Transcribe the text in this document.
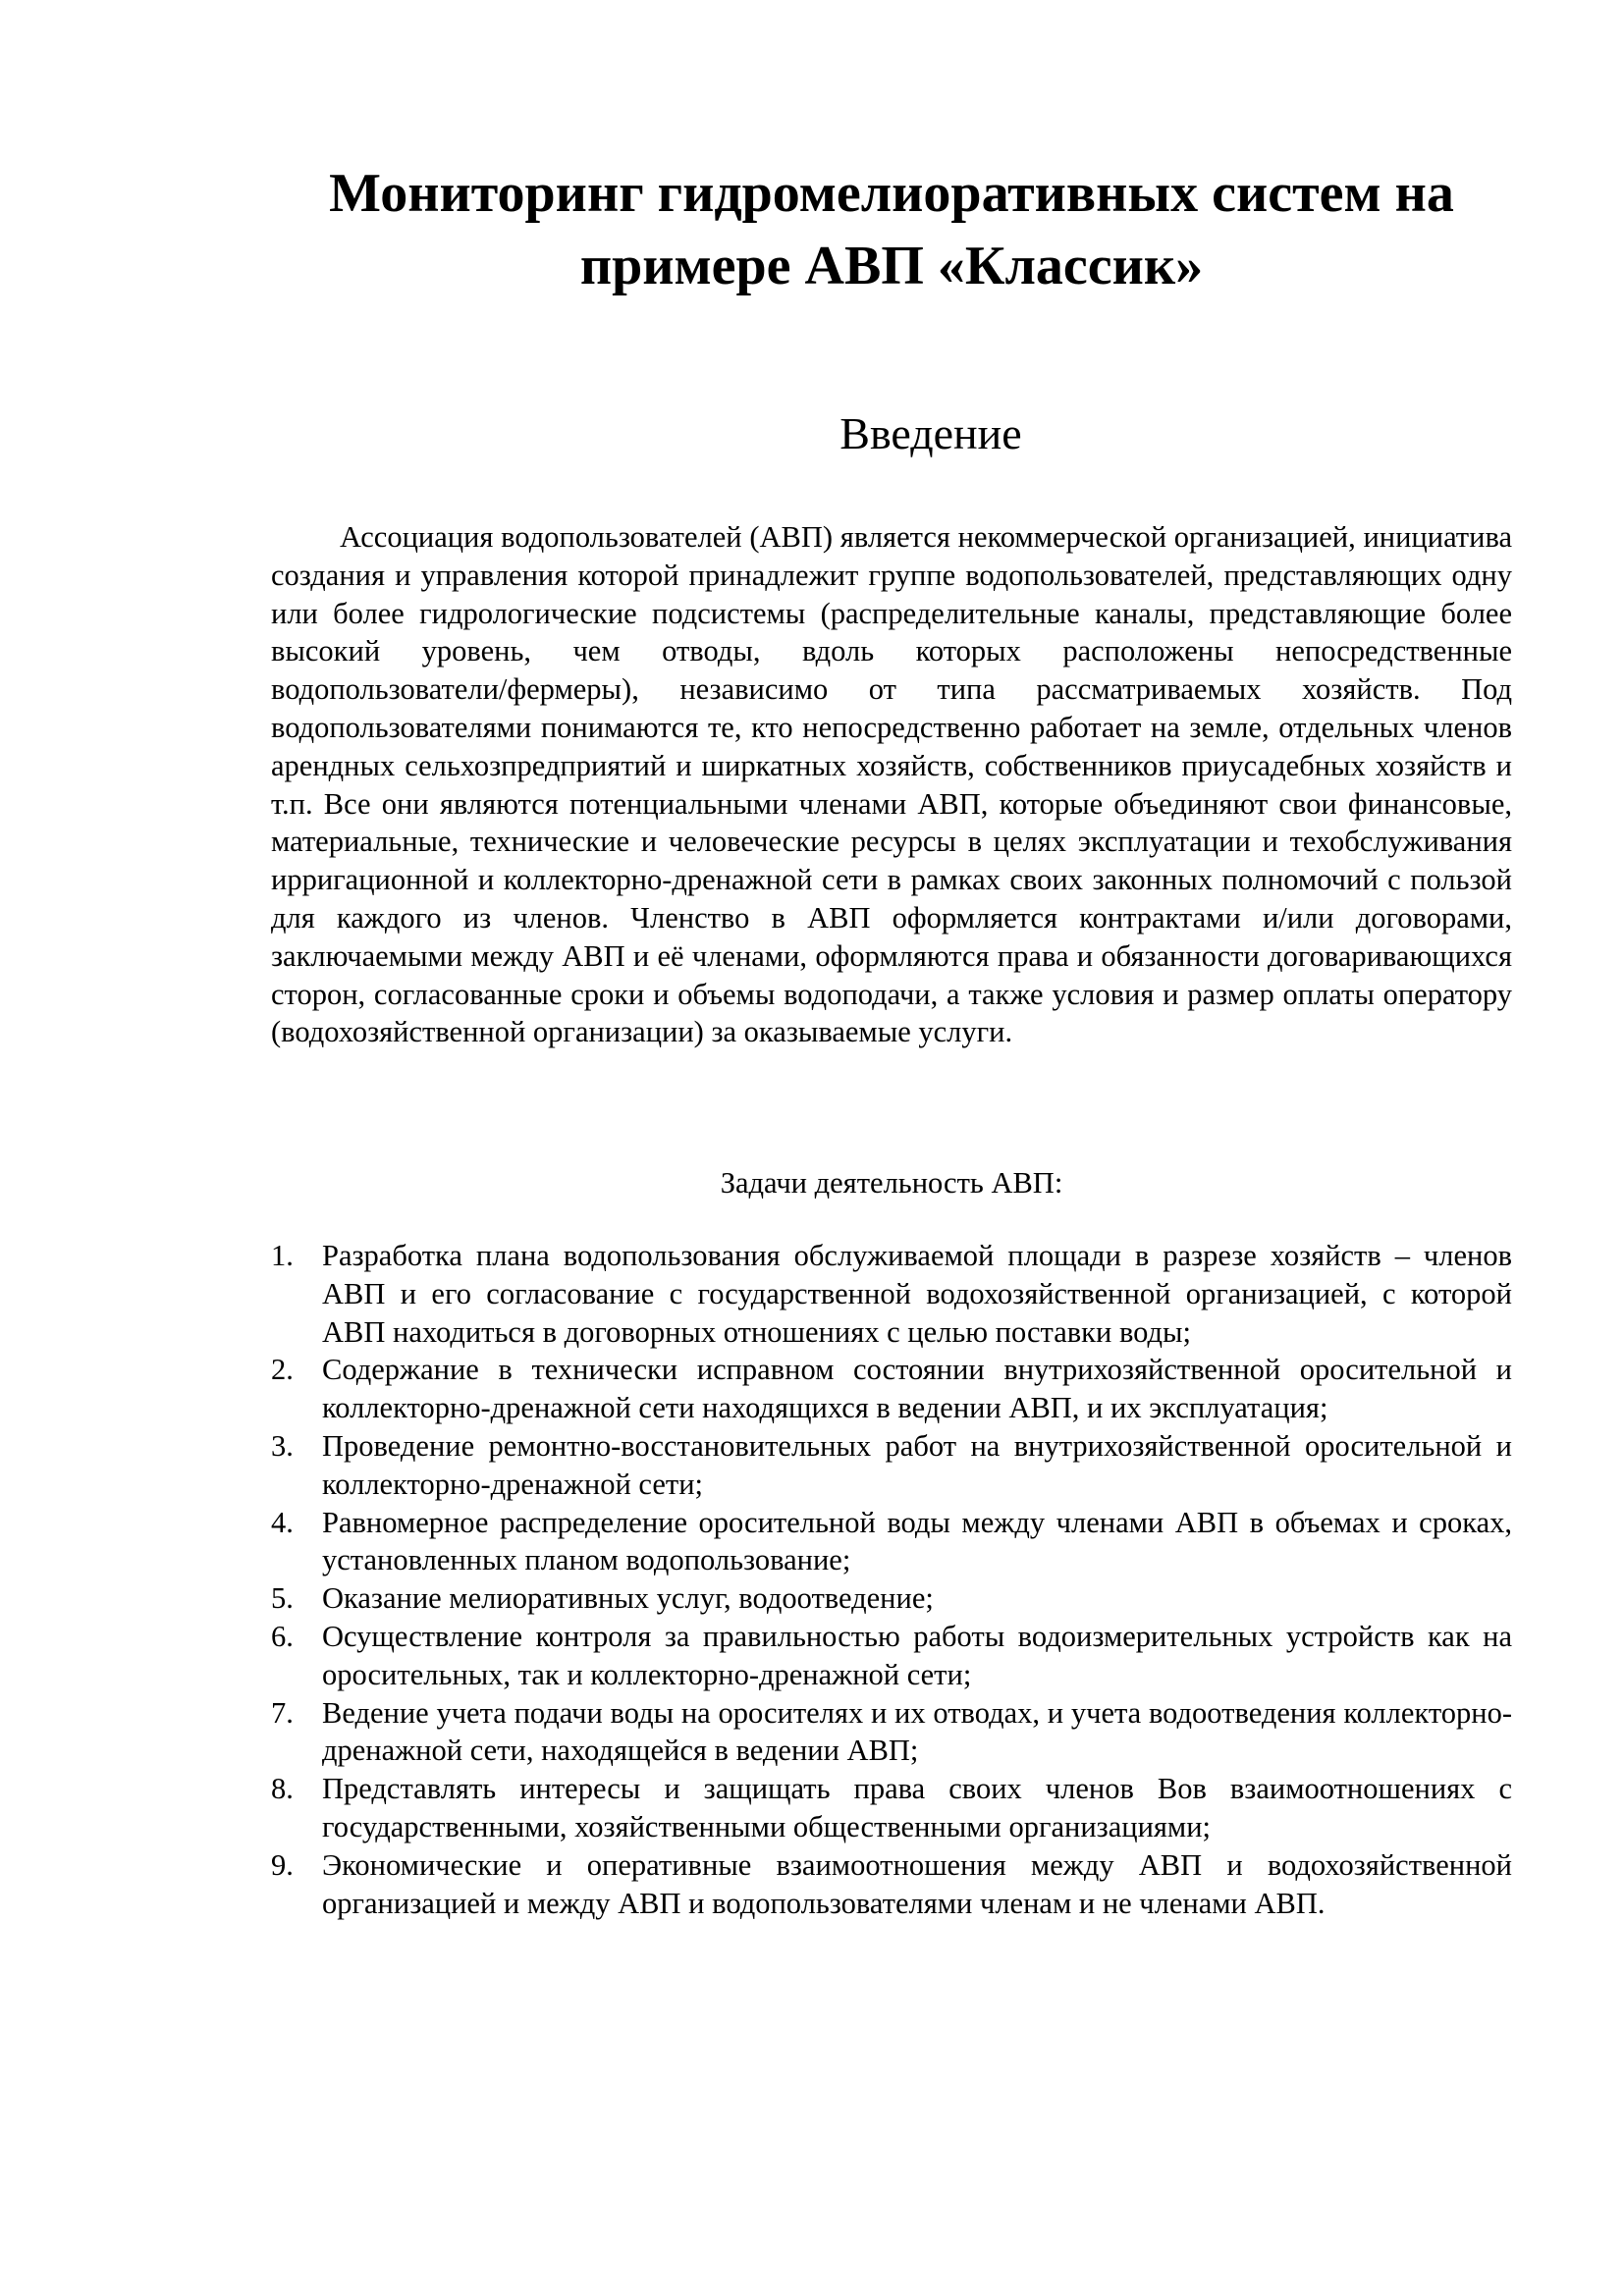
Мониторинг гидромелиоративных систем на примере АВП «Классик»
Введение

Ассоциация водопользователей (АВП) является некоммерческой организацией, инициатива создания и управления которой принадлежит группе водопользователей, представляющих одну или более гидрологические подсистемы (распределительные каналы, представляющие более высокий уровень, чем отводы, вдоль которых расположены непосредственные водопользователи/фермеры), независимо от типа рассматриваемых хозяйств. Под водопользователями понимаются те, кто непосредственно работает на земле, отдельных членов арендных сельхозпредприятий и ширкатных хозяйств, собственников приусадебных хозяйств и т.п. Все они являются потенциальными членами АВП, которые объединяют свои финансовые, материальные, технические и человеческие ресурсы в целях эксплуатации и техобслуживания ирригационной и коллекторно-дренажной сети в рамках своих законных полномочий с пользой для каждого из членов. Членство в АВП оформляется контрактами и/или договорами, заключаемыми между АВП и её членами, оформляются права и обязанности договаривающихся сторон, согласованные сроки и объемы водоподачи, а также условия и размер оплаты оператору (водохозяйственной организации) за оказываемые услуги.

Задачи деятельность АВП:

1. Разработка плана водопользования обслуживаемой площади в разрезе хозяйств – членов АВП и его согласование с государственной водохозяйственной организацией, с которой АВП находиться в договорных отношениях с целью поставки воды;
2. Содержание в технически исправном состоянии внутрихозяйственной оросительной и коллекторно-дренажной сети находящихся в ведении АВП, и их эксплуатация;
3. Проведение ремонтно-восстановительных работ на внутрихозяйственной оросительной и коллекторно-дренажной сети;
4. Равномерное распределение оросительной воды между членами АВП в объемах и сроках, установленных планом водопользование;
5. Оказание мелиоративных услуг, водоотведение;
6. Осуществление контроля за правильностью работы водоизмерительных устройств как на оросительных, так и коллекторно-дренажной сети;
7. Ведение учета подачи воды на оросителях и их отводах, и учета водоотведения коллекторно-дренажной сети, находящейся в ведении АВП;
8. Представлять интересы и защищать права своих членов Вов взаимоотношениях с государственными, хозяйственными общественными организациями;
9. Экономические и оперативные взаимоотношения между АВП и водохозяйственной организацией и между АВП и водопользователями членам и не членами АВП.
